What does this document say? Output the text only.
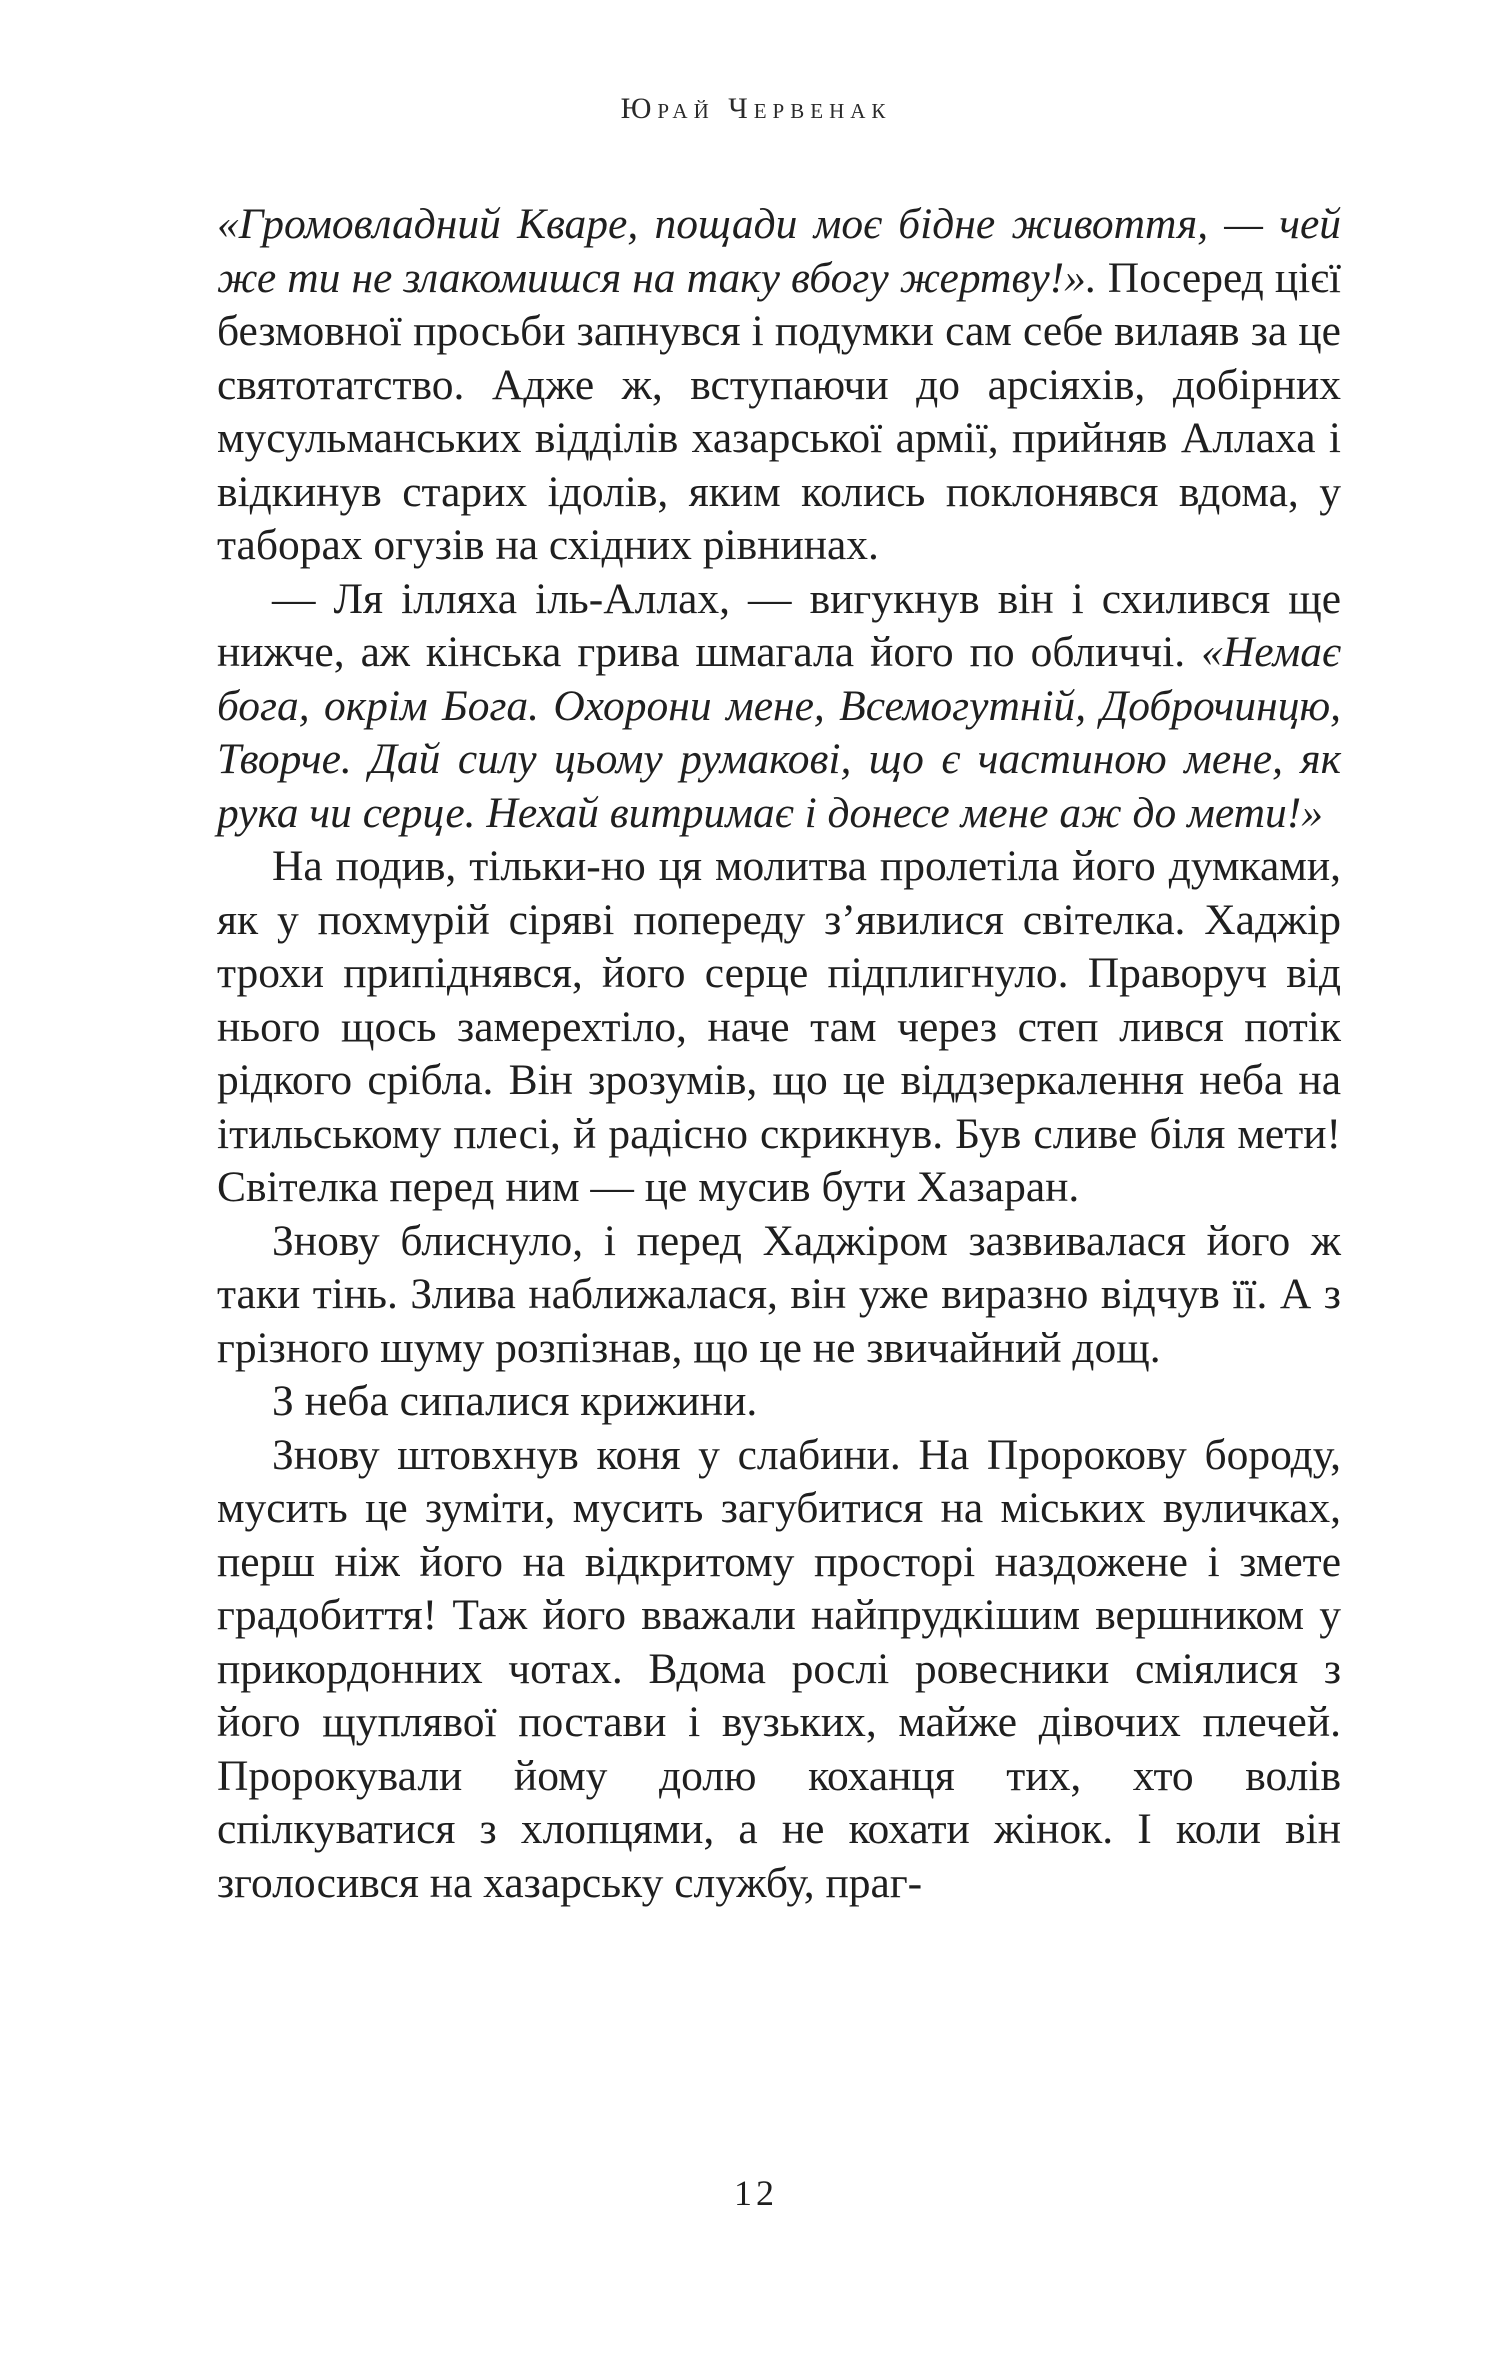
Юрай Червенак

«Громовладний Кваре, пощади моє бідне живоття, — чей же ти не злакомишся на таку вбогу жертву!». Посеред цієї безмовної просьби запнувся і подумки сам себе вилаяв за це святотатство. Адже ж, вступаючи до арсіяхів, добірних мусульманських відділів хазарської армії, прийняв Аллаха і відкинув старих ідолів, яким колись поклонявся вдома, у таборах огузів на східних рівнинах.

— Ля ілляха іль-Аллах, — вигукнув він і схилився ще нижче, аж кінська грива шмагала його по обличчі. «Немає бога, окрім Бога. Охорони мене, Всемогутній, Доброчинцю, Творче. Дай силу цьому румакові, що є частиною мене, як рука чи серце. Нехай витримає і донесе мене аж до мети!»

На подив, тільки-но ця молитва пролетіла його думками, як у похмурій сіряві попереду з’явилися світелка. Хаджір трохи припіднявся, його серце підплигнуло. Праворуч від нього щось замерехтіло, наче там через степ лився потік рідкого срібла. Він зрозумів, що це віддзеркалення неба на ітильському плесі, й радісно скрикнув. Був сливе біля мети! Світелка перед ним — це мусив бути Хазаран.

Знову блиснуло, і перед Хаджіром зазвивалася його ж таки тінь. Злива наближалася, він уже виразно відчув її. А з грізного шуму розпізнав, що це не звичайний дощ.

З неба сипалися крижини.

Знову штовхнув коня у слабини. На Пророкову бороду, мусить це зуміти, мусить загубитися на міських вуличках, перш ніж його на відкритому просторі наздожене і змете градобиття! Таж його вважали найпрудкішим вершником у прикордонних чотах. Вдома рослі ровесники сміялися з його щуплявої постави і вузьких, майже дівочих плечей. Пророкували йому долю коханця тих, хто волів спілкуватися з хлопцями, а не кохати жінок. І коли він зголосився на хазарську службу, праг-

12
